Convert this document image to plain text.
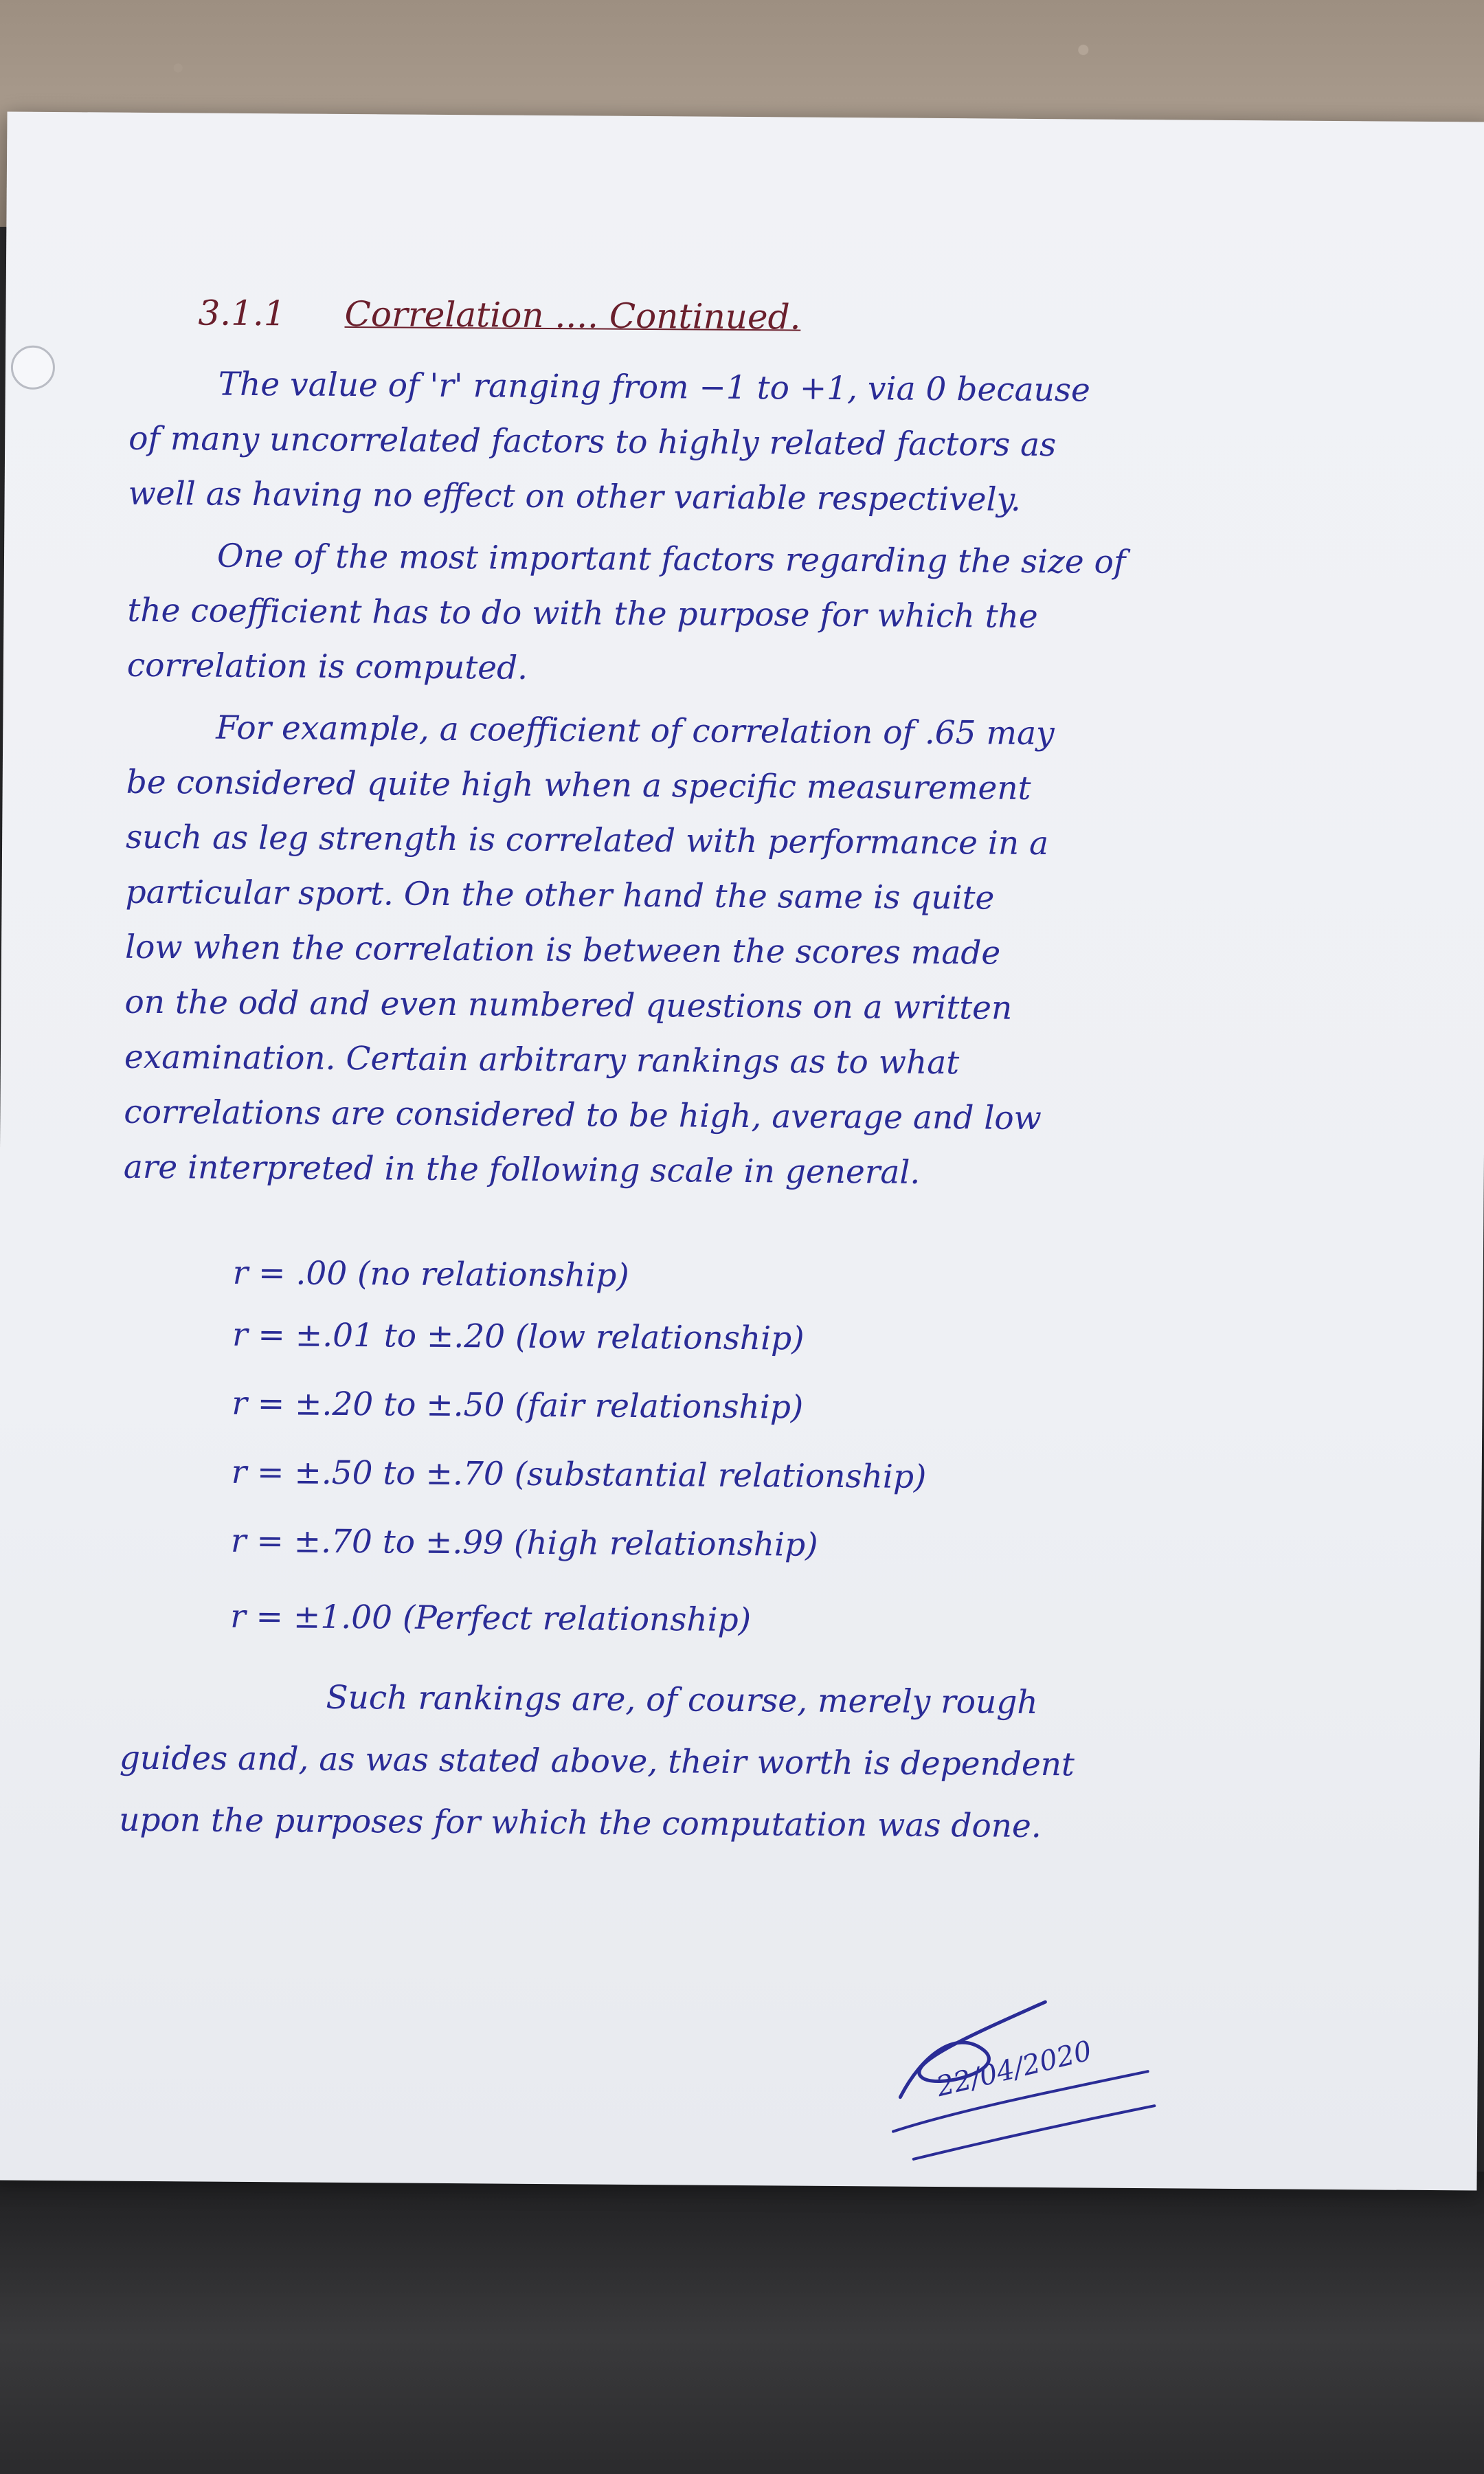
3.1.1 Correlation .... Continued.
The value of 'r' ranging from −1 to +1, via 0 because
of many uncorrelated factors to highly related factors as
well as having no effect on other variable respectively.
One of the most important factors regarding the size of
the coefficient has to do with the purpose for which the
correlation is computed.
For example, a coefficient of correlation of .65 may
be considered quite high when a specific measurement
such as leg strength is correlated with performance in a
particular sport. On the other hand the same is quite
low when the correlation is between the scores made
on the odd and even numbered questions on a written
examination. Certain arbitrary rankings as to what
correlations are considered to be high, average and low
are interpreted in the following scale in general.
r = .00 (no relationship)
r = ±.01 to ±.20 (low relationship)
r = ±.20 to ±.50 (fair relationship)
r = ±.50 to ±.70 (substantial relationship)
r = ±.70 to ±.99 (high relationship)
r = ±1.00 (Perfect relationship)
Such rankings are, of course, merely rough
guides and, as was stated above, their worth is dependent
upon the purposes for which the computation was done.
22/04/2020
